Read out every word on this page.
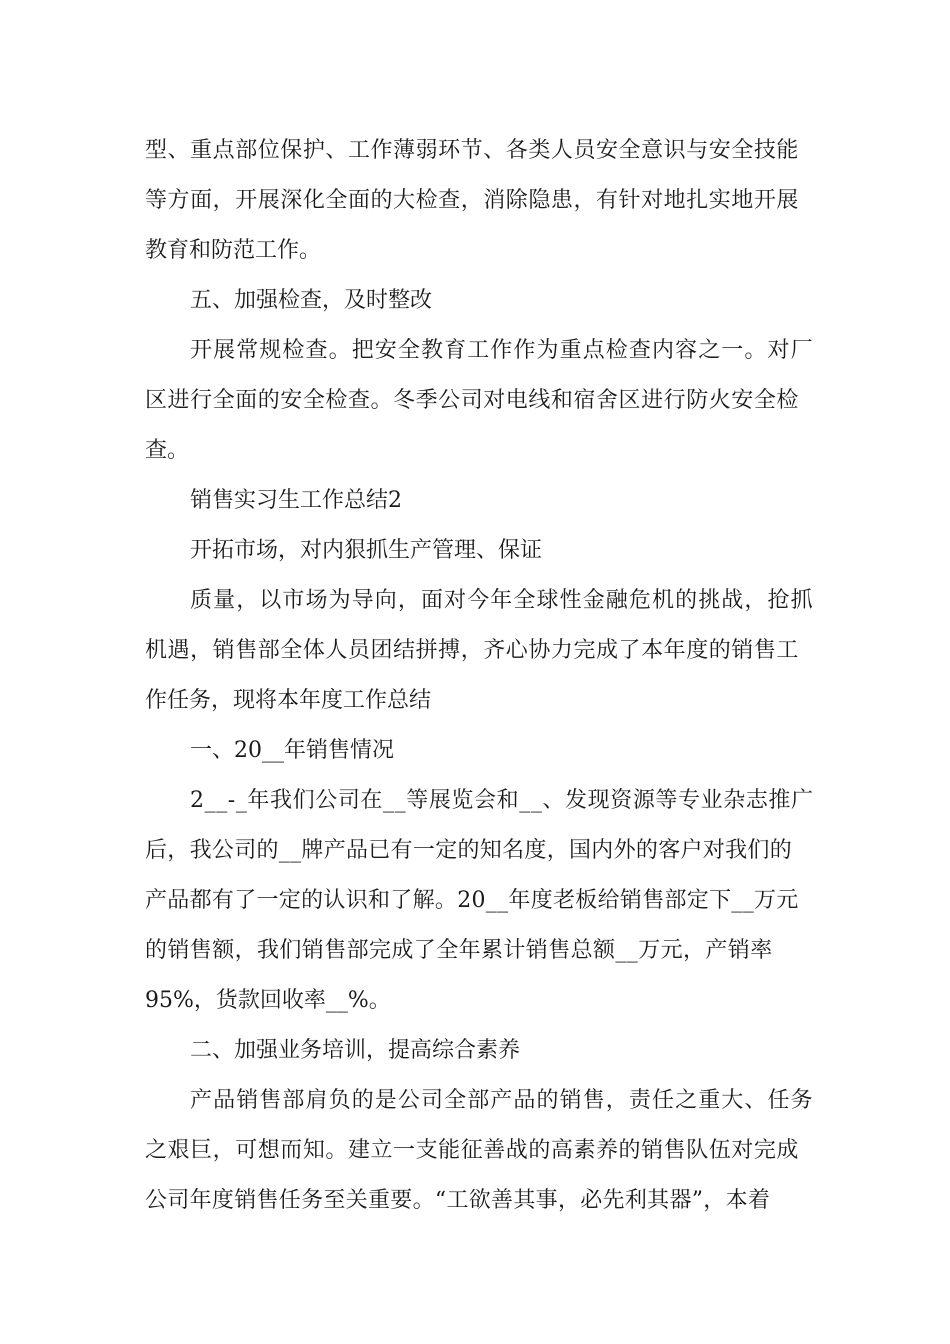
型、重点部位保护、工作薄弱环节、各类人员安全意识与安全技能
等方面，开展深化全面的大检查，消除隐患，有针对地扎实地开展
教育和防范工作。
五、加强检查，及时整改
开展常规检查。把安全教育工作作为重点检查内容之一。对厂
区进行全面的安全检查。冬季公司对电线和宿舍区进行防火安全检
查。
销售实习生工作总结2
开拓市场，对内狠抓生产管理、保证
质量，以市场为导向，面对今年全球性金融危机的挑战，抢抓
机遇，销售部全体人员团结拼搏，齐心协力完成了本年度的销售工
作任务，现将本年度工作总结
一、20__年销售情况
2__-_年我们公司在__等展览会和__、发现资源等专业杂志推广
后，我公司的__牌产品已有一定的知名度，国内外的客户对我们的
产品都有了一定的认识和了解。20__年度老板给销售部定下__万元
的销售额，我们销售部完成了全年累计销售总额__万元，产销率
95%，货款回收率__%。
二、加强业务培训，提高综合素养
产品销售部肩负的是公司全部产品的销售，责任之重大、任务
之艰巨，可想而知。建立一支能征善战的高素养的销售队伍对完成
公司年度销售任务至关重要。“工欲善其事，必先利其器”，本着
